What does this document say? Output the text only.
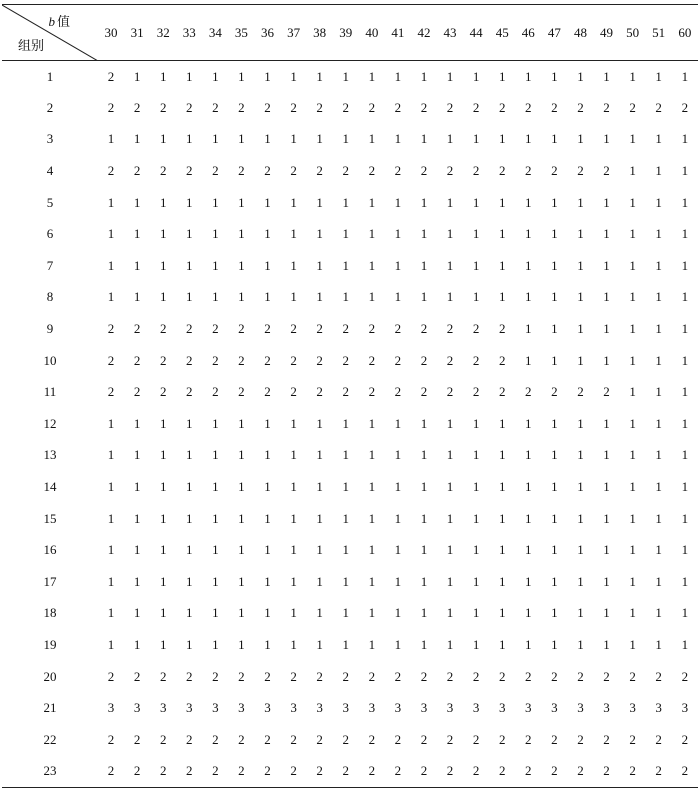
b 值
组别	30	31	32	33	34	35	36	37	38	39	40	41	42	43	44	45	46	47	48	49	50	51	60
1	2	1	1	1	1	1	1	1	1	1	1	1	1	1	1	1	1	1	1	1	1	1	1
2	2	2	2	2	2	2	2	2	2	2	2	2	2	2	2	2	2	2	2	2	2	2	2
3	1	1	1	1	1	1	1	1	1	1	1	1	1	1	1	1	1	1	1	1	1	1	1
4	2	2	2	2	2	2	2	2	2	2	2	2	2	2	2	2	2	2	2	2	1	1	1
5	1	1	1	1	1	1	1	1	1	1	1	1	1	1	1	1	1	1	1	1	1	1	1
6	1	1	1	1	1	1	1	1	1	1	1	1	1	1	1	1	1	1	1	1	1	1	1
7	1	1	1	1	1	1	1	1	1	1	1	1	1	1	1	1	1	1	1	1	1	1	1
8	1	1	1	1	1	1	1	1	1	1	1	1	1	1	1	1	1	1	1	1	1	1	1
9	2	2	2	2	2	2	2	2	2	2	2	2	2	2	2	2	1	1	1	1	1	1	1
10	2	2	2	2	2	2	2	2	2	2	2	2	2	2	2	2	1	1	1	1	1	1	1
11	2	2	2	2	2	2	2	2	2	2	2	2	2	2	2	2	2	2	2	2	1	1	1
12	1	1	1	1	1	1	1	1	1	1	1	1	1	1	1	1	1	1	1	1	1	1	1
13	1	1	1	1	1	1	1	1	1	1	1	1	1	1	1	1	1	1	1	1	1	1	1
14	1	1	1	1	1	1	1	1	1	1	1	1	1	1	1	1	1	1	1	1	1	1	1
15	1	1	1	1	1	1	1	1	1	1	1	1	1	1	1	1	1	1	1	1	1	1	1
16	1	1	1	1	1	1	1	1	1	1	1	1	1	1	1	1	1	1	1	1	1	1	1
17	1	1	1	1	1	1	1	1	1	1	1	1	1	1	1	1	1	1	1	1	1	1	1
18	1	1	1	1	1	1	1	1	1	1	1	1	1	1	1	1	1	1	1	1	1	1	1
19	1	1	1	1	1	1	1	1	1	1	1	1	1	1	1	1	1	1	1	1	1	1	1
20	2	2	2	2	2	2	2	2	2	2	2	2	2	2	2	2	2	2	2	2	2	2	2
21	3	3	3	3	3	3	3	3	3	3	3	3	3	3	3	3	3	3	3	3	3	3	3
22	2	2	2	2	2	2	2	2	2	2	2	2	2	2	2	2	2	2	2	2	2	2	2
23	2	2	2	2	2	2	2	2	2	2	2	2	2	2	2	2	2	2	2	2	2	2	2
